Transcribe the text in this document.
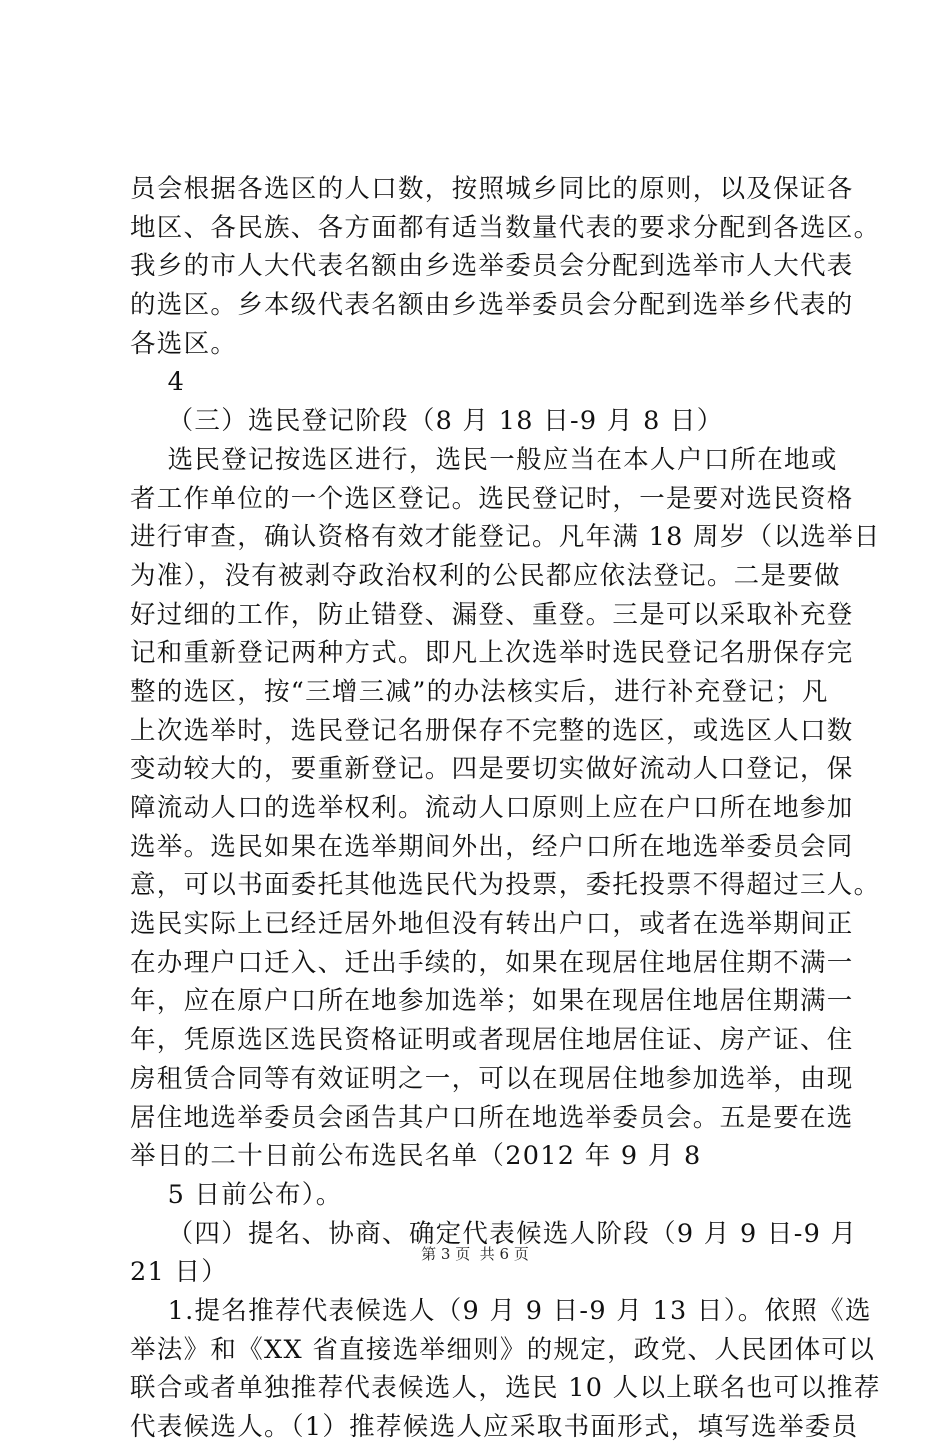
员会根据各选区的人口数，按照城乡同比的原则，以及保证各
地区、各民族、各方面都有适当数量代表的要求分配到各选区。
我乡的市人大代表名额由乡选举委员会分配到选举市人大代表
的选区。乡本级代表名额由乡选举委员会分配到选举乡代表的
各选区。
4
（三）选民登记阶段（8 月 18 日-9 月 8 日）
选民登记按选区进行，选民一般应当在本人户口所在地或
者工作单位的一个选区登记。选民登记时，一是要对选民资格
进行审查，确认资格有效才能登记。凡年满 18 周岁（以选举日
为准），没有被剥夺政治权利的公民都应依法登记。二是要做
好过细的工作，防止错登、漏登、重登。三是可以采取补充登
记和重新登记两种方式。即凡上次选举时选民登记名册保存完
整的选区，按“三增三减”的办法核实后，进行补充登记；凡
上次选举时，选民登记名册保存不完整的选区，或选区人口数
变动较大的，要重新登记。四是要切实做好流动人口登记，保
障流动人口的选举权利。流动人口原则上应在户口所在地参加
选举。选民如果在选举期间外出，经户口所在地选举委员会同
意，可以书面委托其他选民代为投票，委托投票不得超过三人。
选民实际上已经迁居外地但没有转出户口，或者在选举期间正
在办理户口迁入、迁出手续的，如果在现居住地居住期不满一
年，应在原户口所在地参加选举；如果在现居住地居住期满一
年，凭原选区选民资格证明或者现居住地居住证、房产证、住
房租赁合同等有效证明之一，可以在现居住地参加选举，由现
居住地选举委员会函告其户口所在地选举委员会。五是要在选
举日的二十日前公布选民名单（2012 年 9 月 8
5 日前公布）。
（四）提名、协商、确定代表候选人阶段（9 月 9 日-9 月
21 日）
1.提名推荐代表候选人（9 月 9 日-9 月 13 日）。依照《选
举法》和《XX 省直接选举细则》的规定，政党、人民团体可以
联合或者单独推荐代表候选人，选民 10 人以上联名也可以推荐
代表候选人。（1）推荐候选人应采取书面形式，填写选举委员
第 3 页  共 6 页
